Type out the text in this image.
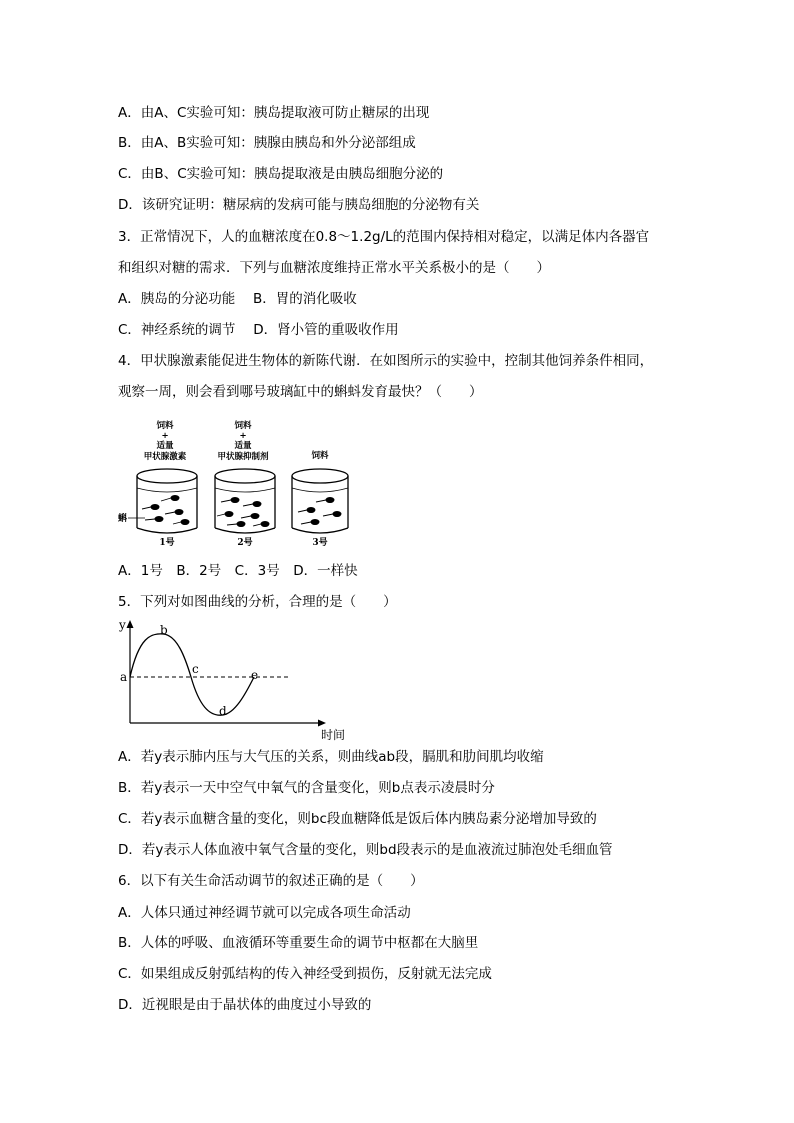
A．由A、C实验可知：胰岛提取液可防止糖尿的出现
B．由A、B实验可知：胰腺由胰岛和外分泌部组成
C．由B、C实验可知：胰岛提取液是由胰岛细胞分泌的
D．该研究证明：糖尿病的发病可能与胰岛细胞的分泌物有关
3．正常情况下，人的血糖浓度在0.8～1.2g/L的范围内保持相对稳定，以满足体内各器官
和组织对糖的需求．下列与血糖浓度维持正常水平关系极小的是（　　）
A．胰岛的分泌功能　 B．胃的消化吸收
C．神经系统的调节　 D．肾小管的重吸收作用
4．甲状腺激素能促进生物体的新陈代谢．在如图所示的实验中，控制其他饲养条件相同，
观察一周，则会看到哪号玻璃缸中的蝌蚪发育最快？（　　）
饲料
+
适量
甲状腺激素
饲料
+
适量
甲状腺抑制剂	饲料
蝌
1号	2号	3号
A．1号　B．2号　C．3号　D．一样快
5．下列对如图曲线的分析，合理的是（　　）
y
a
b
c
d
e
时间
A．若y表示肺内压与大气压的关系，则曲线ab段，膈肌和肋间肌均收缩
B．若y表示一天中空气中氧气的含量变化，则b点表示凌晨时分
C．若y表示血糖含量的变化，则bc段血糖降低是饭后体内胰岛素分泌增加导致的
D．若y表示人体血液中氧气含量的变化，则bd段表示的是血液流过肺泡处毛细血管
6．以下有关生命活动调节的叙述正确的是（　　）
A．人体只通过神经调节就可以完成各项生命活动
B．人体的呼吸、血液循环等重要生命的调节中枢都在大脑里
C．如果组成反射弧结构的传入神经受到损伤，反射就无法完成
D．近视眼是由于晶状体的曲度过小导致的
